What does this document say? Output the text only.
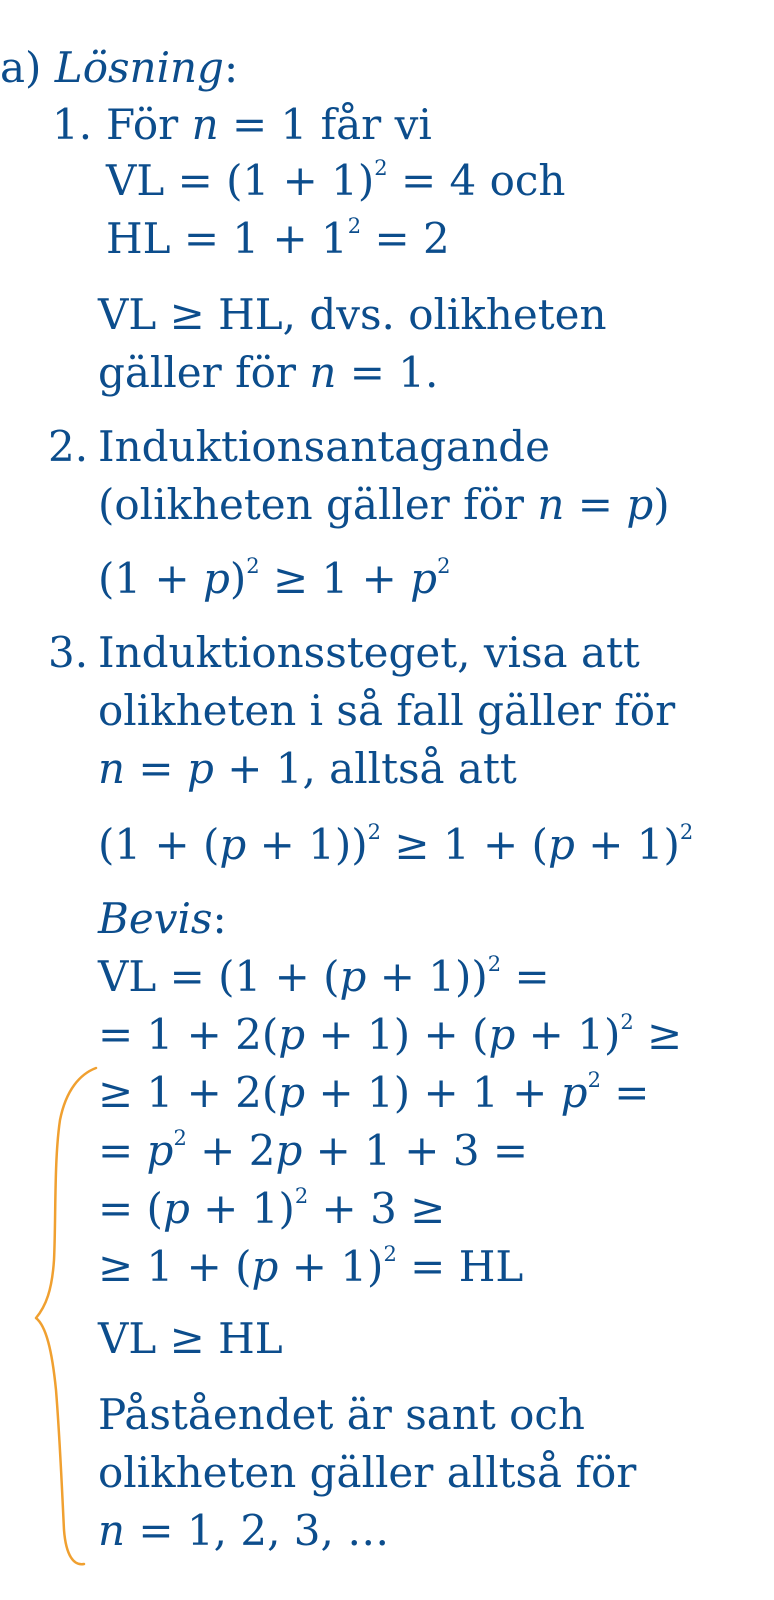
a) Lösning:
1. För n = 1 får vi
VL = $(1 + 1)^2 = 4$ och
HL = $1 + 1^2 = 2$
VL ≥ HL, dvs. olikheten
gäller för n = 1.
2. Induktionsantagande
(olikheten gäller för n = p)
$(1 + p)^2 \ge 1 + p^2$
3. Induktionssteget, visa att
olikheten i så fall gäller för
n = p + 1, alltså att
$(1 + (p + 1))^2 \ge 1 + (p + 1)^2$
Bevis:
VL = $(1 + (p + 1))^2$ =
= $1 + 2(p + 1) + (p + 1)^2$ ≥
≥ $1 + 2(p + 1) + 1 + p^2$ =
= $p^2 + 2p + 1 + 3$ =
= $(p + 1)^2 + 3$ ≥
≥ $1 + (p + 1)^2$ = HL
VL ≥ HL
Påståendet är sant och
olikheten gäller alltså för
n = 1, 2, 3, …
